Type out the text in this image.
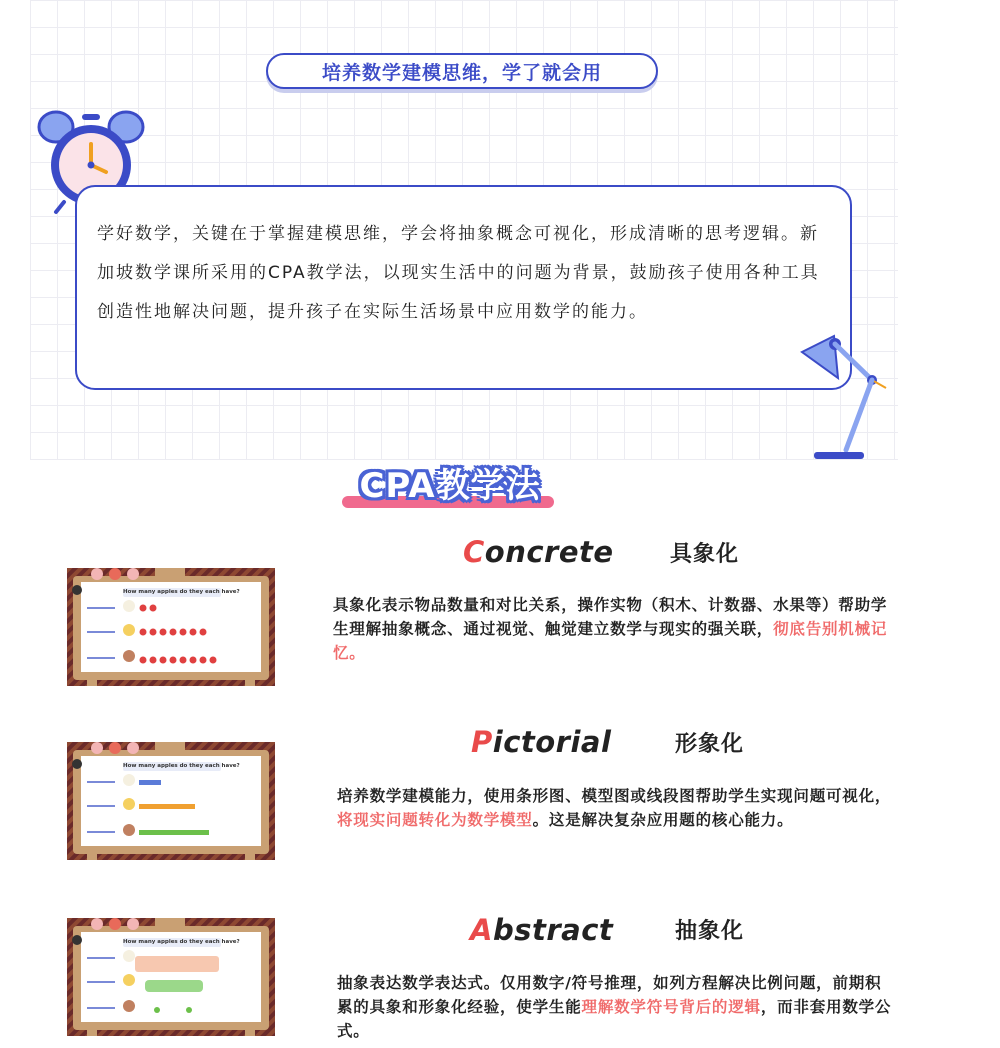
培养数学建模思维，学了就会用
学好数学，关键在于掌握建模思维，学会将抽象概念可视化，形成清晰的思考逻辑。新加坡数学课所采用的CPA教学法，以现实生活中的问题为背景，鼓励孩子使用各种工具创造性地解决问题，提升孩子在实际生活场景中应用数学的能力。
CPA教学法
How many apples do they each have?
Concrete	具象化
具象化表示物品数量和对比关系，操作实物（积木、计数器、水果等）帮助学生理解抽象概念、通过视觉、触觉建立数学与现实的强关联，彻底告别机械记忆。
How many apples do they each have?
Pictorial	形象化
培养数学建模能力，使用条形图、模型图或线段图帮助学生实现问题可视化，将现实问题转化为数学模型。这是解决复杂应用题的核心能力。
How many apples do they each have?	Abstract	抽象化
抽象表达数学表达式。仅用数字/符号推理，如列方程解决比例问题，前期积累的具象和形象化经验，使学生能理解数学符号背后的逻辑，而非套用数学公式。
